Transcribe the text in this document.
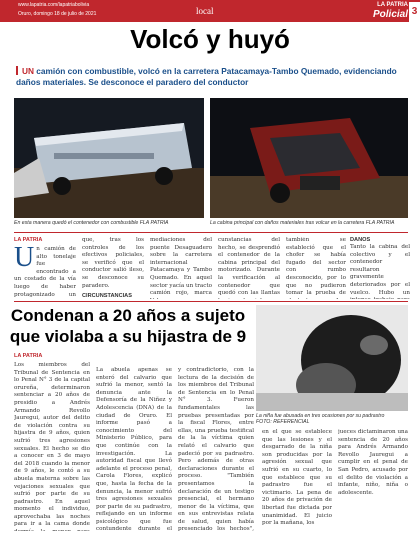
www.lapatria.com/lapatriabolivia
Oruro, domingo 18 de julio de 2021	local
LA PATRIA
Policial 3
Volcó y huyó
UN camión con combustible, volcó en la carretera Patacamaya-Tambo Quemado, evidenciando daños materiales. Se desconoce el paradero del conductor
En esta manera quedó el contenedor con combustible FLA PATRIA	La cabina principal con daños materiales tras volcar en la carretera FLA PATRIA
LA PATRIA
U n camión de alto tonelaje fue encontrado a un costado de la vía luego de haber protagonizado un
que, tras los controles de los efectivos policiales, se verificó que el conductor salió ileso, se desconoce su paradero.
CIRCUNSTANCIAS
mediaciones del puente Desaguadero sobre la carretera internacional Patacamaya y Tambo Quemado. En aquel sector yacía un tracto camión rojo, marca
cunstancias del hecho, se desprendió el contenedor de la cabina principal del motorizado. Durante la verificación al contenedor que quedó con las llantas
también se estableció que el chofer se había fugado del sector con rumbo desconocido, por lo que no pudieron tomar la prueba de
DAÑOS
Tanto la cabina del colectivo y el contenedor resultaron gravemente deteriorados por el vuelco. Hubo un
Condenan a 20 años a sujeto que violaba a su hijastra de 9
La niña fue abusada en tres ocasiones por su padrastro
FOTO: REFERENCIAL
LA PATRIA
Los miembros del Tribunal de Sentencia en lo Penal N° 3 de la capital orureña, determinaron sentenciar a 20 años de presidio a Andrés Armando Revollo Jauregui, autor del delito de violación contra su hijastra de 9 años, quien sufrió tres agresiones sexuales. El hecho se dio a conocer en 3 de mayo del 2018 cuando la menor de 9 años, le contó a su abuela materna sobre las vejaciones sexuales que sufrió por parte de su padrastro. En aquel momento el individuo, aprovechaba las noches para ir a la cama donde
La abuela apenas se enteró del calvario que sufrió la menor, sentó la denuncia ante la Defensoría de la Niñez y Adolescencia (DNA) de la ciudad de Oruro. El informe pasó a conocimiento del Ministerio Público, para que continúe con la investigación. La autoridad fiscal que llevó adelante el proceso penal, Carola Flores, explicó que, hasta la fecha de la denuncia, la menor sufrió tres agresiones sexuales por parte de su padrastro, reflejando en un informe psicológico que fue contundente durante el
y contradictorio, con la lectura de la decisión de los miembros del Tribunal de Sentencia en lo Penal N° 3. Fueron fundamentales las pruebas presentadas por la fiscal Flores, entre ellas, una prueba testifical de la la víctima quien relató el calvario que padeció por su padrastro. Pero además de otras declaraciones durante el proceso. "También presentamos la declaración de un testigo presencial, el hermano menor de la víctima, que en sus entrevistas relata de salud, quien había presenciado los hechos",
en el que se establece que las lesiones y el desgarrado de la niña son producidas por la agresión sexual que sufrió en su cuarto, lo que establece que su padrastro fue el victimario. La pena de 20 años de privación de libertad fue dictada por unanimidad. El juicio por la mañana, los
jueces dictaminaron una sentencia de 20 años para Andrés Armando Revollo Jauregui a cumplir en el penal de San Pedro, acusado por el delito de violación a infante, niño, niña o adolescente.
